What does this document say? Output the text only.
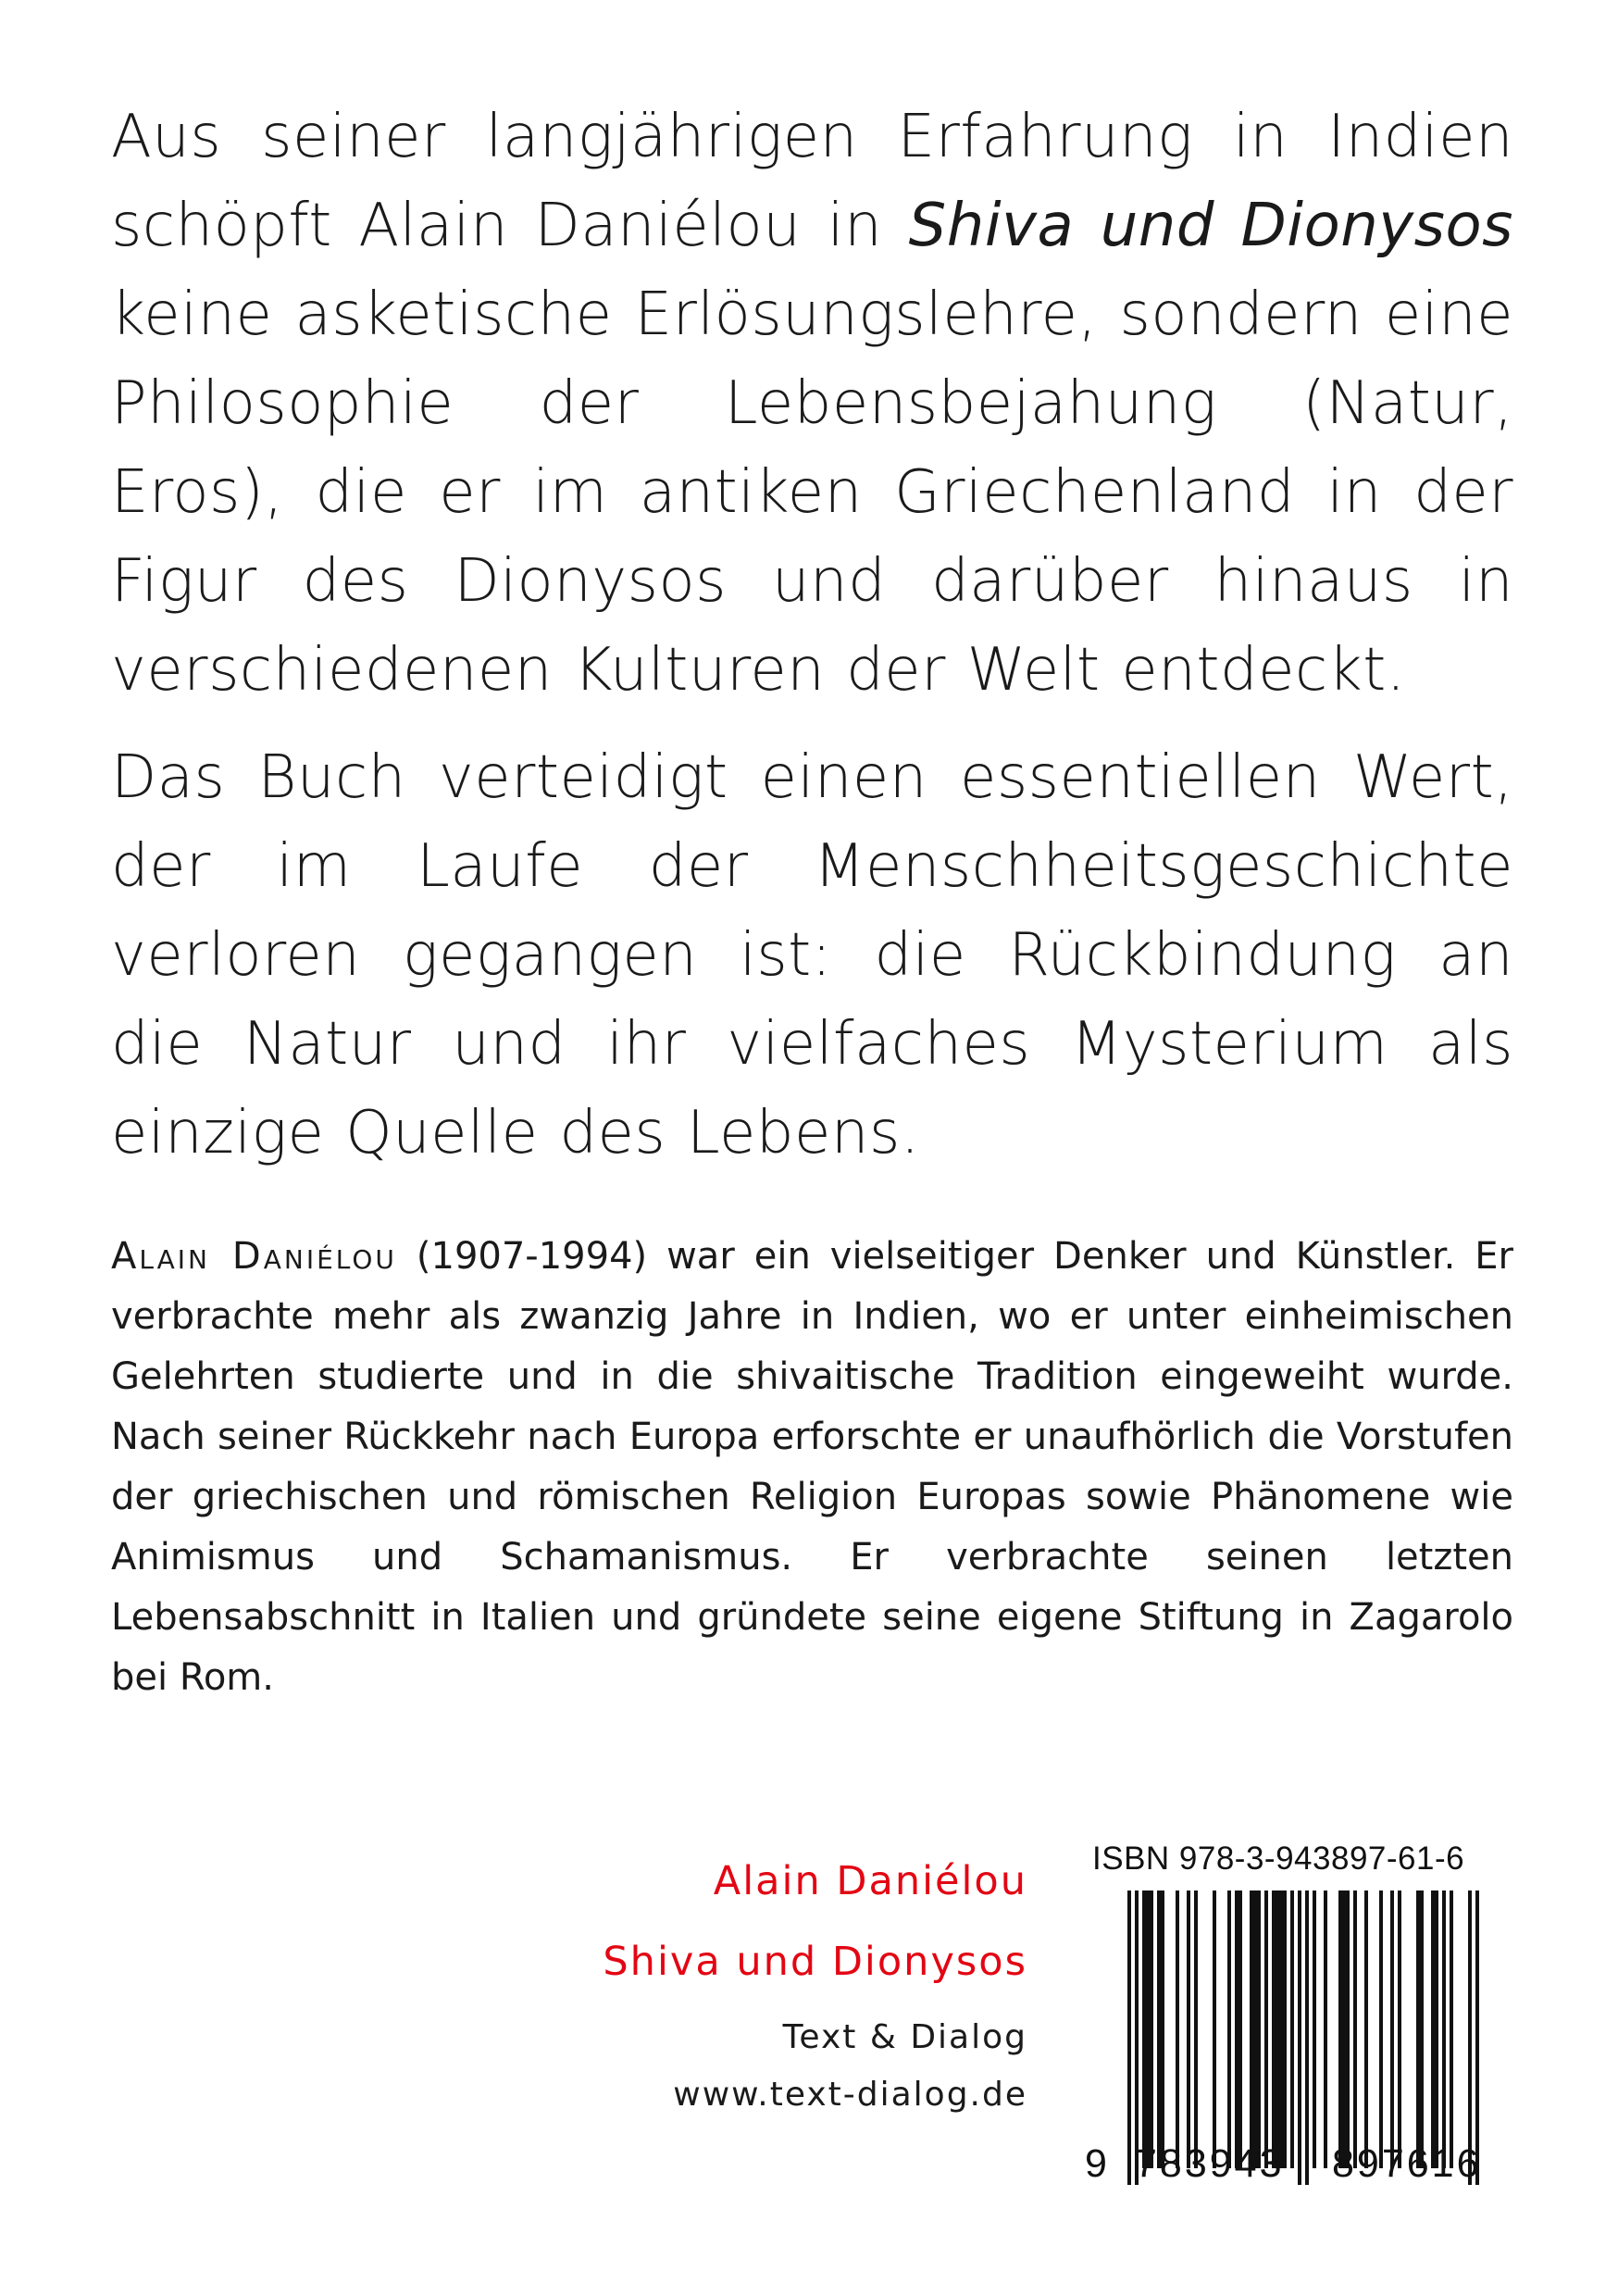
Aus seiner langjährigen Erfahrung in Indien schöpft Alain Daniélou in Shiva und Dionysos keine asketische Erlösungslehre, sondern eine Philosophie der Lebensbejahung (Natur, Eros), die er im antiken Griechenland in der Figur des Dionysos und darüber hinaus in verschiedenen Kulturen der Welt entdeckt.

Das Buch verteidigt einen essentiellen Wert, der im Laufe der Menschheitsgeschichte verloren gegangen ist: die Rückbindung an die Natur und ihr vielfaches Mysterium als einzige Quelle des Lebens.

Alain Daniélou (1907-1994) war ein vielseitiger Denker und Künstler. Er verbrachte mehr als zwanzig Jahre in Indien, wo er unter einheimischen Gelehrten studierte und in die shivaitische Tradition eingeweiht wurde. Nach seiner Rückkehr nach Europa erforschte er unaufhörlich die Vorstufen der griechischen und römischen Religion Europas sowie Phänomene wie Animismus und Schamanismus. Er verbrachte seinen letzten Lebensabschnitt in Italien und gründete seine eigene Stiftung in Zagarolo bei Rom.

Alain Daniélou
Shiva und Dionysos
Text & Dialog
www.text-dialog.de
ISBN 978-3-943897-61-6
9 783943 897616
